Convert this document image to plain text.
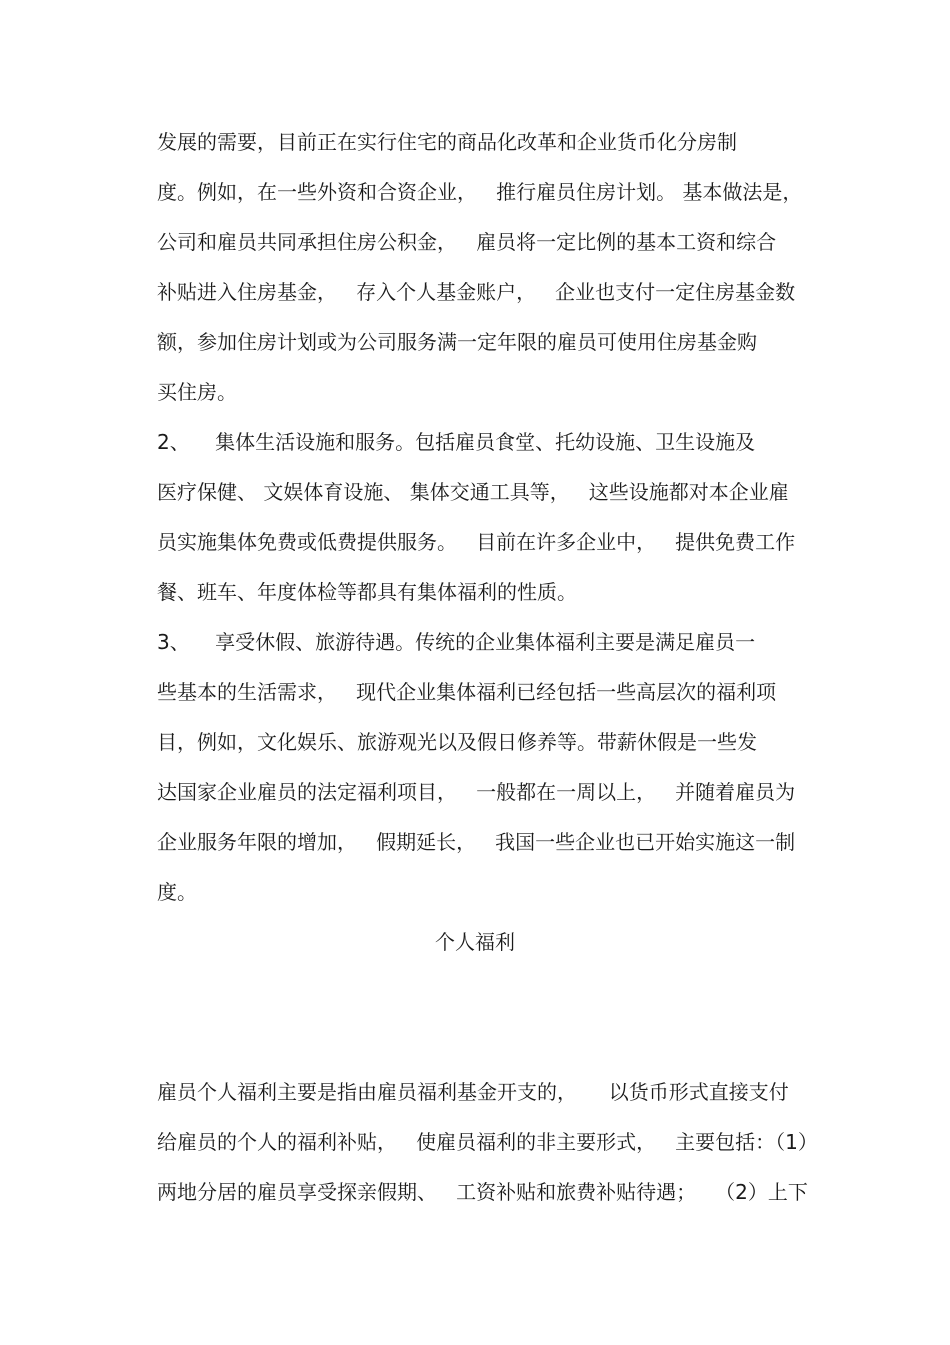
发展的需要，目前正在实行住宅的商品化改革和企业货币化分房制
度。例如，在一些外资和合资企业，   推行雇员住房计划。 基本做法是，
公司和雇员共同承担住房公积金，   雇员将一定比例的基本工资和综合
补贴进入住房基金，   存入个人基金账户，   企业也支付一定住房基金数
额，参加住房计划或为公司服务满一定年限的雇员可使用住房基金购
买住房。
2、    集体生活设施和服务。包括雇员食堂、托幼设施、卫生设施及
医疗保健、 文娱体育设施、 集体交通工具等，   这些设施都对本企业雇
员实施集体免费或低费提供服务。   目前在许多企业中，   提供免费工作
餐、班车、年度体检等都具有集体福利的性质。
3、    享受休假、旅游待遇。传统的企业集体福利主要是满足雇员一
些基本的生活需求，   现代企业集体福利已经包括一些高层次的福利项
目，例如，文化娱乐、旅游观光以及假日修养等。带薪休假是一些发
达国家企业雇员的法定福利项目，   一般都在一周以上，   并随着雇员为
企业服务年限的增加，   假期延长，   我国一些企业也已开始实施这一制
度。
个人福利
雇员个人福利主要是指由雇员福利基金开支的，     以货币形式直接支付
给雇员的个人的福利补贴，   使雇员福利的非主要形式，   主要包括：（1）
两地分居的雇员享受探亲假期、   工资补贴和旅费补贴待遇；   （2）上下
